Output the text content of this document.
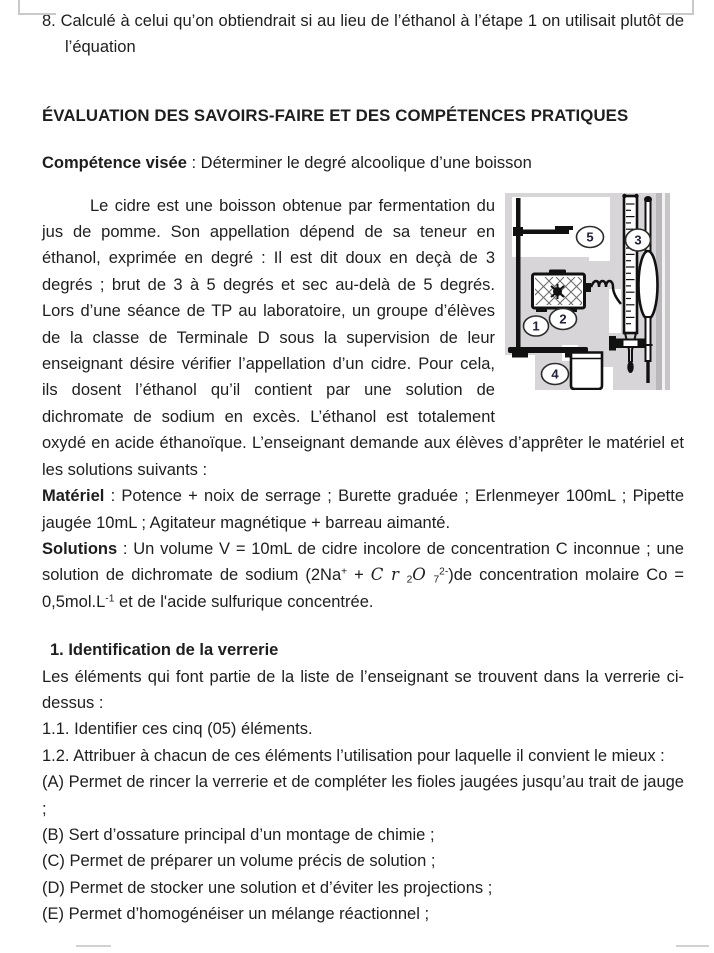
8. Calculé à celui qu’on obtiendrait si au lieu de l’éthanol à l’étape 1 on utilisait plutôt de l’équation

ÉVALUATION DES SAVOIRS-FAIRE ET DES COMPÉTENCES PRATIQUES

Compétence visée : Déterminer le degré alcoolique d’une boisson

5	3
1 2
4

Le cidre est une boisson obtenue par fermentation du jus de pomme. Son appellation dépend de sa teneur en éthanol, exprimée en degré : Il est dit doux en deçà de 3 degrés ; brut de 3 à 5 degrés et sec au-delà de 5 degrés. Lors d’une séance de TP au laboratoire, un groupe d’élèves de la classe de Terminale D sous la supervision de leur enseignant désire vérifier l’appellation d’un cidre. Pour cela, ils dosent l’éthanol qu’il contient par une solution de dichromate de sodium en excès. L’éthanol est totalement oxydé en acide éthanoïque. L’enseignant demande aux élèves d’apprêter le matériel et les solutions suivants :

Matériel : Potence + noix de serrage ; Burette graduée ; Erlenmeyer 100mL ; Pipette jaugée 10mL ; Agitateur magnétique + barreau aimanté.

Solutions : Un volume V = 10mL de cidre incolore de concentration C inconnue ; une solution de dichromate de sodium (2Na+ + C r $_2$O $_7^{2-}$)de concentration molaire $Co = 0,5mol.L^{-1}$ et de l'acide sulfurique concentrée.

1. Identification de la verrerie

Les éléments qui font partie de la liste de l’enseignant se trouvent dans la verrerie ci-dessus :

1.1. Identifier ces cinq (05) éléments.

1.2. Attribuer à chacun de ces éléments l’utilisation pour laquelle il convient le mieux :

(A) Permet de rincer la verrerie et de compléter les fioles jaugées jusqu’au trait de jauge ;

(B) Sert d’ossature principal d’un montage de chimie ;

(C) Permet de préparer un volume précis de solution ;

(D) Permet de stocker une solution et d’éviter les projections ;

(E) Permet d’homogénéiser un mélange réactionnel ;
